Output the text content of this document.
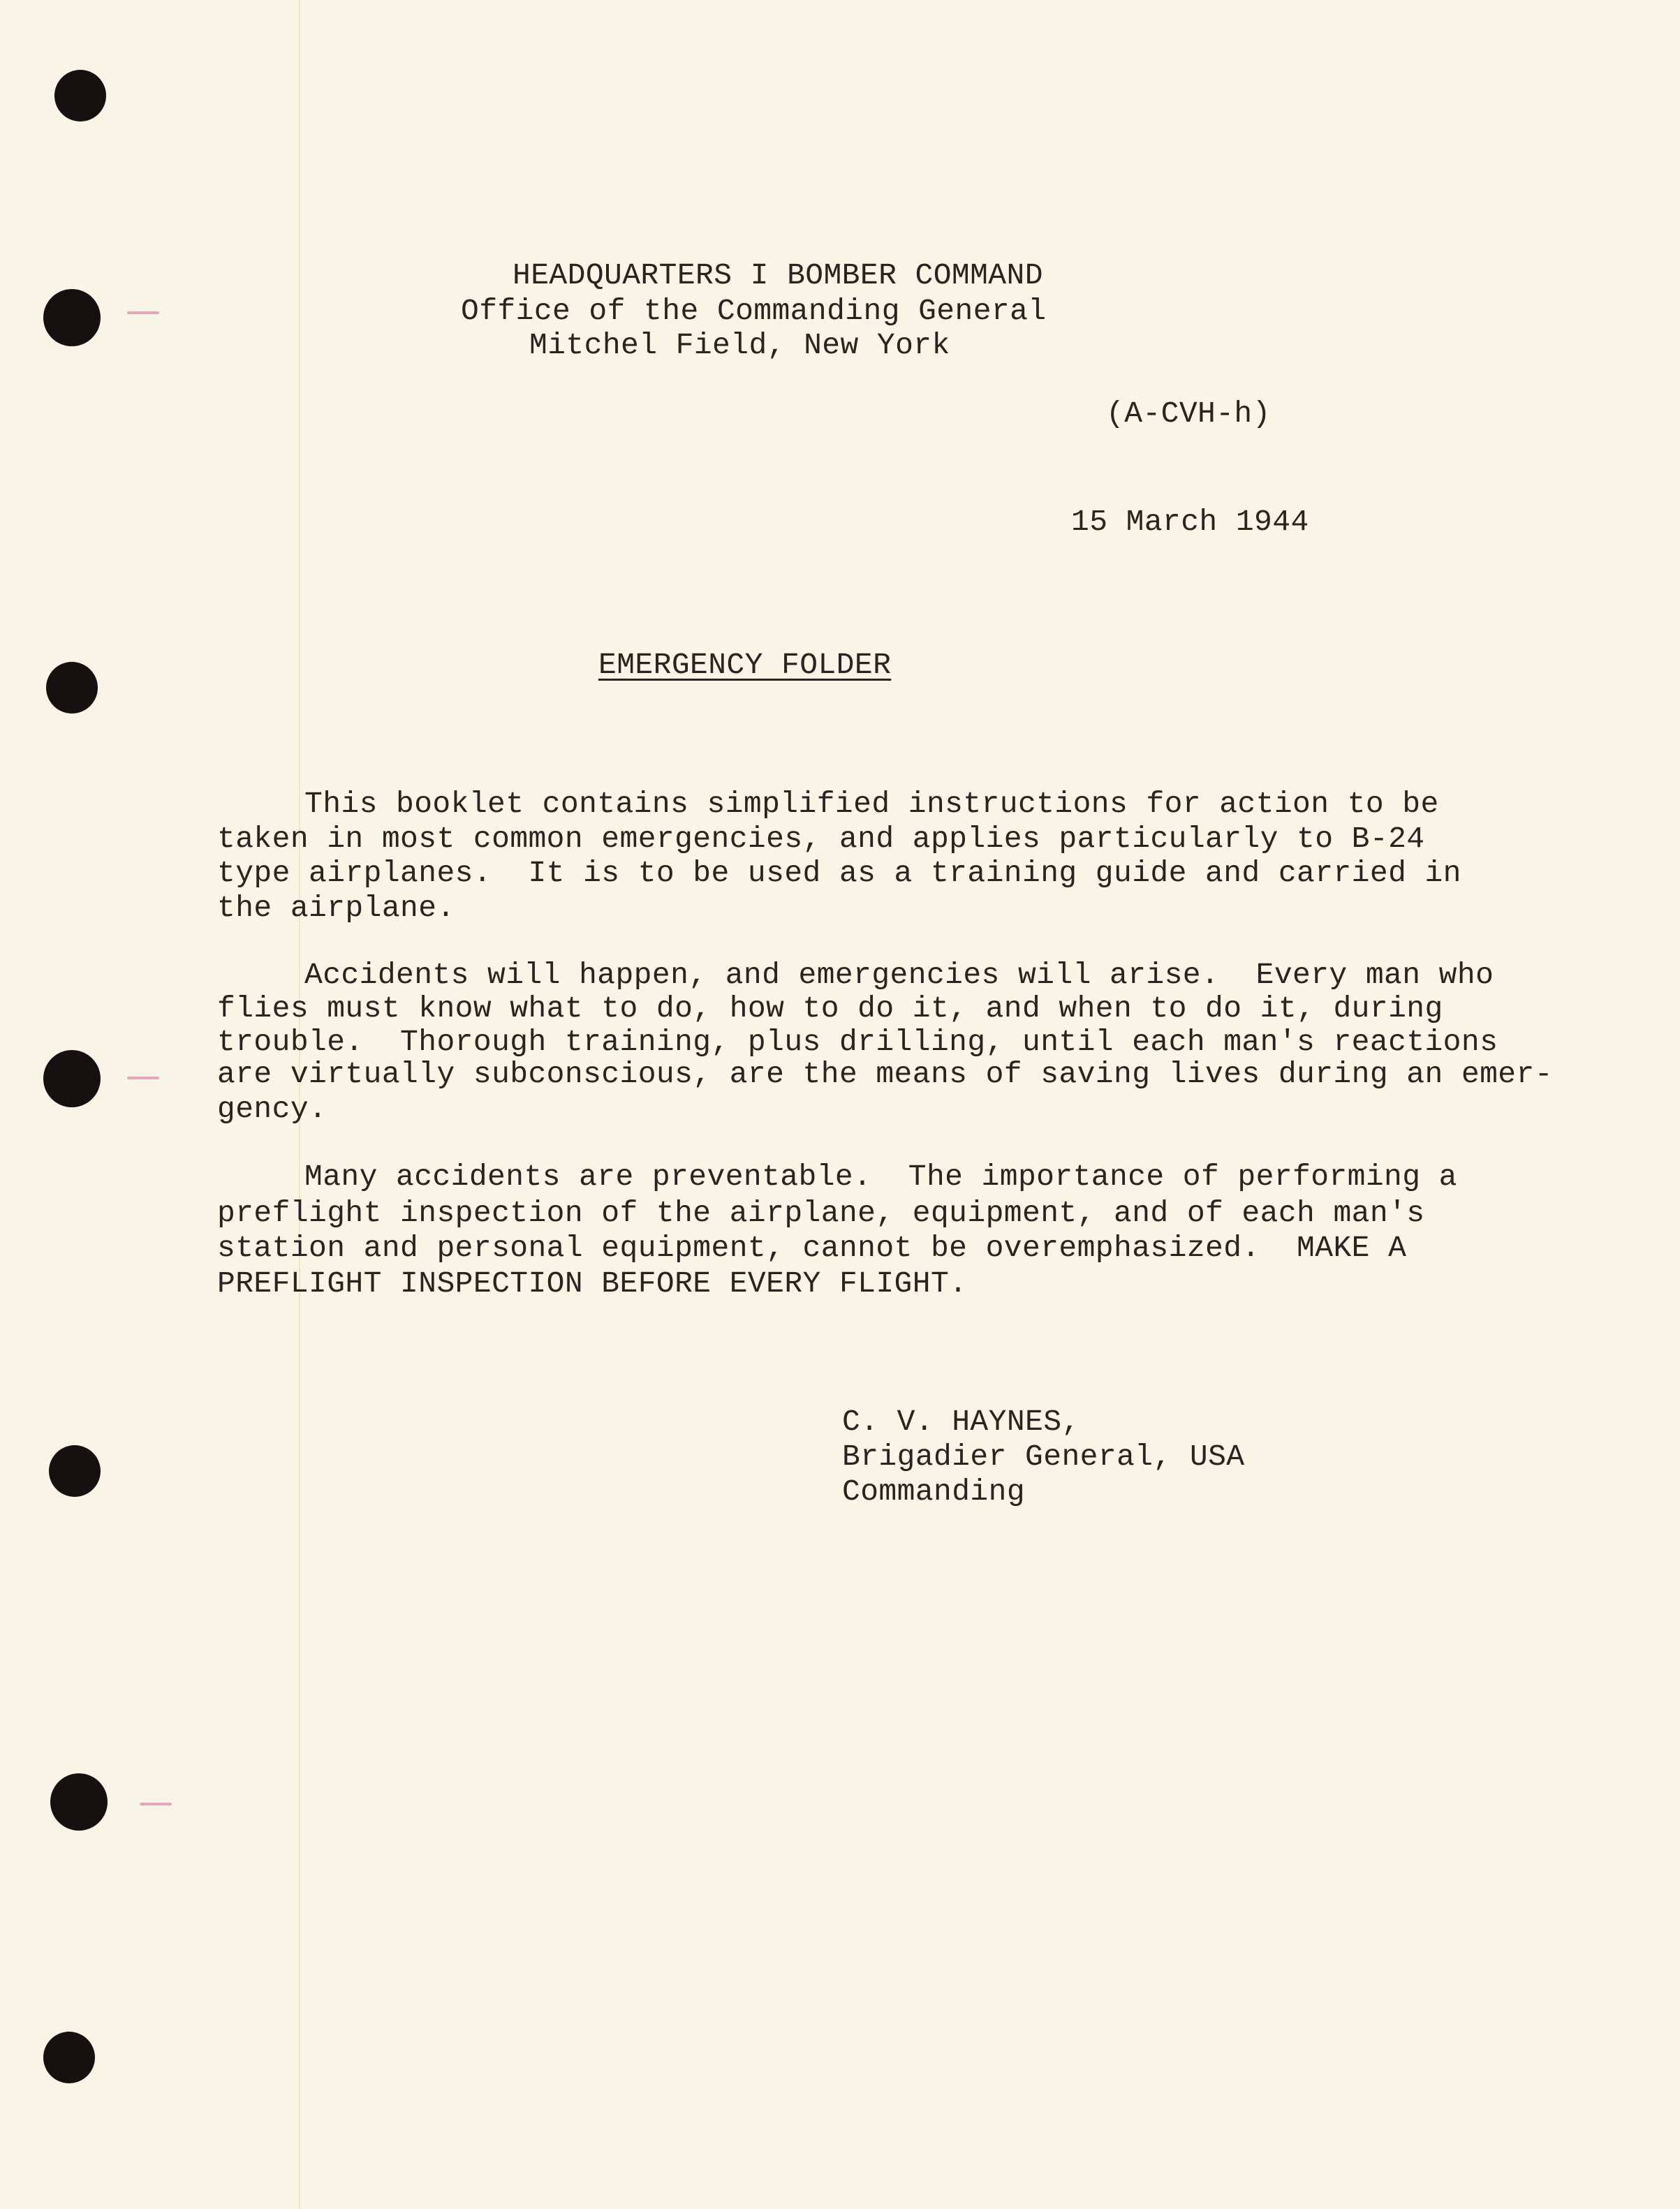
HEADQUARTERS I BOMBER COMMAND
Office of the Commanding General
Mitchel Field, New York
(A-CVH-h)
15 March 1944
EMERGENCY FOLDER
This booklet contains simplified instructions for action to be
taken in most common emergencies, and applies particularly to B-24
type airplanes.  It is to be used as a training guide and carried in
the airplane.
Accidents will happen, and emergencies will arise.  Every man who
flies must know what to do, how to do it, and when to do it, during
trouble.  Thorough training, plus drilling, until each man's reactions
are virtually subconscious, are the means of saving lives during an emer-
gency.
Many accidents are preventable.  The importance of performing a
preflight inspection of the airplane, equipment, and of each man's
station and personal equipment, cannot be overemphasized.  MAKE A
PREFLIGHT INSPECTION BEFORE EVERY FLIGHT.
C. V. HAYNES,
Brigadier General, USA
Commanding
